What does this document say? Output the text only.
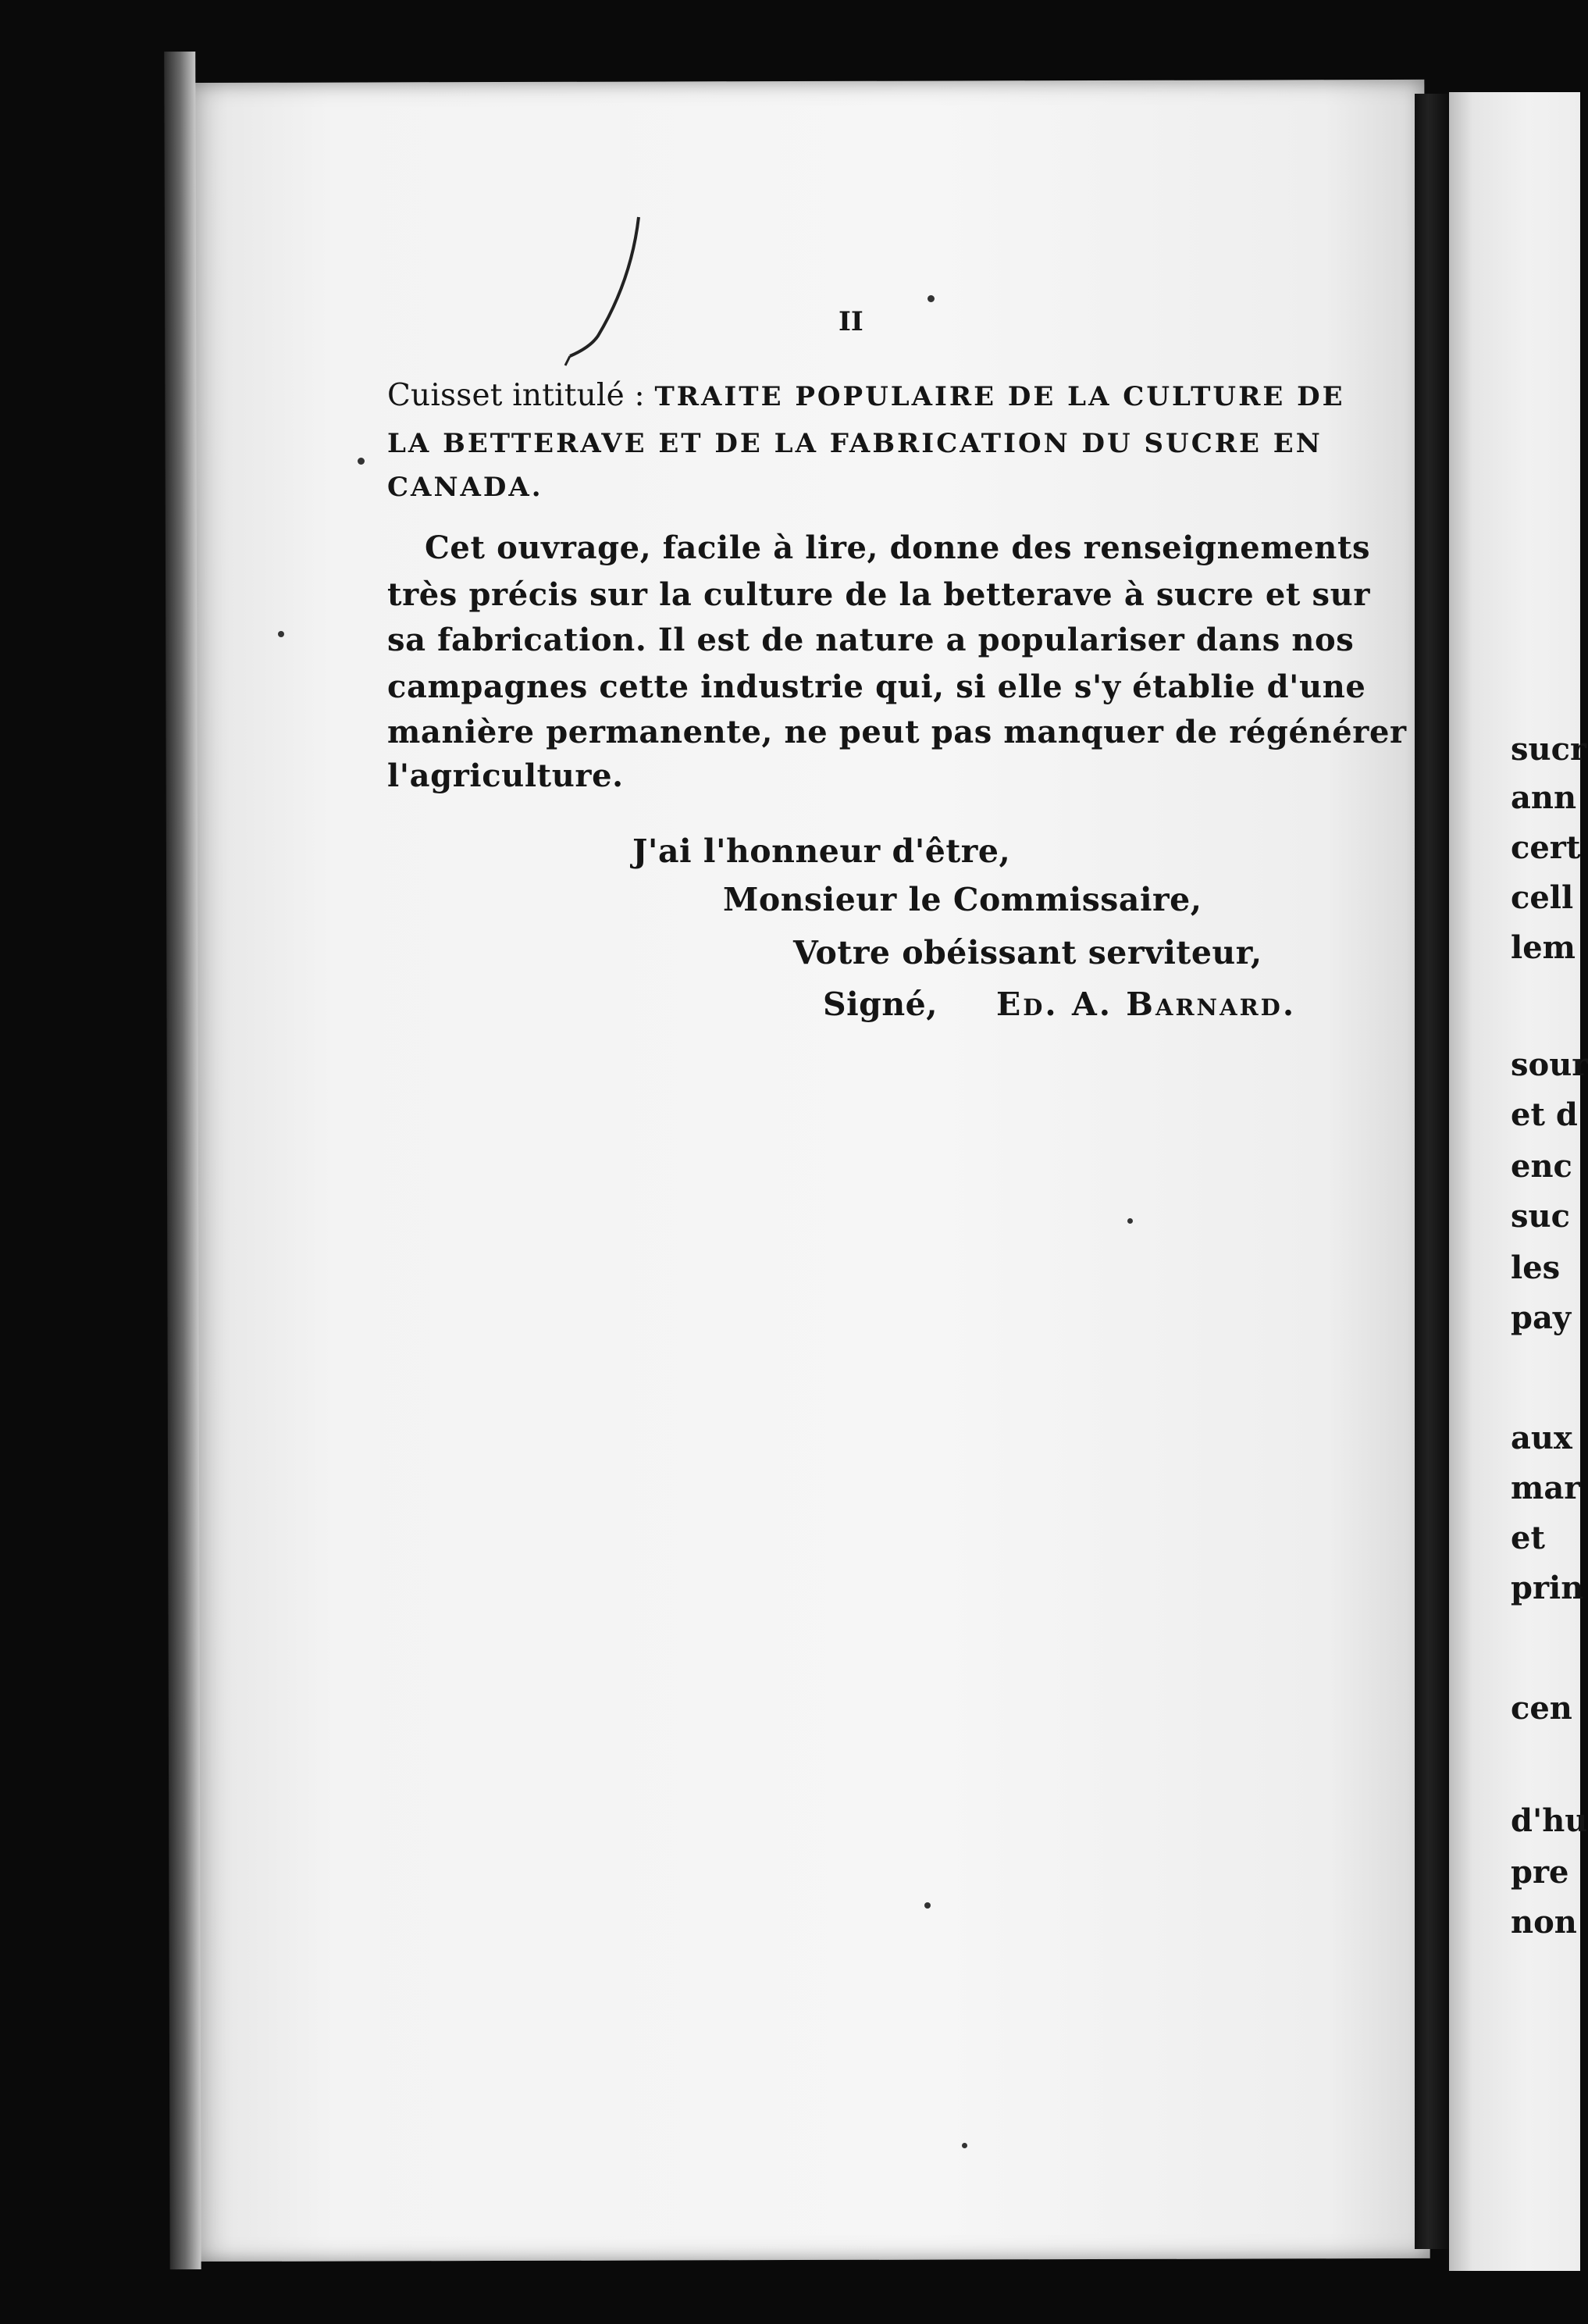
II
Cuisset intitulé : TRAITE POPULAIRE DE LA CULTURE DE
LA BETTERAVE ET DE LA FABRICATION DU SUCRE EN
CANADA.
Cet ouvrage, facile à lire, donne des renseignements
très précis sur la culture de la betterave à sucre et sur
sa fabrication. Il est de nature a populariser dans nos
campagnes cette industrie qui, si elle s'y établie d'une
manière permanente, ne peut pas manquer de régénérer
l'agriculture.
J'ai l'honneur d'être,
Monsieur le Commissaire,
Votre obéissant serviteur,
Signé, Ed. A. Barnard.
sucr
ann
cert
cell
lem
sour
et d
enc
suc
les
pay
aux
mar
et
prin
cen
d'hu
pre
non
